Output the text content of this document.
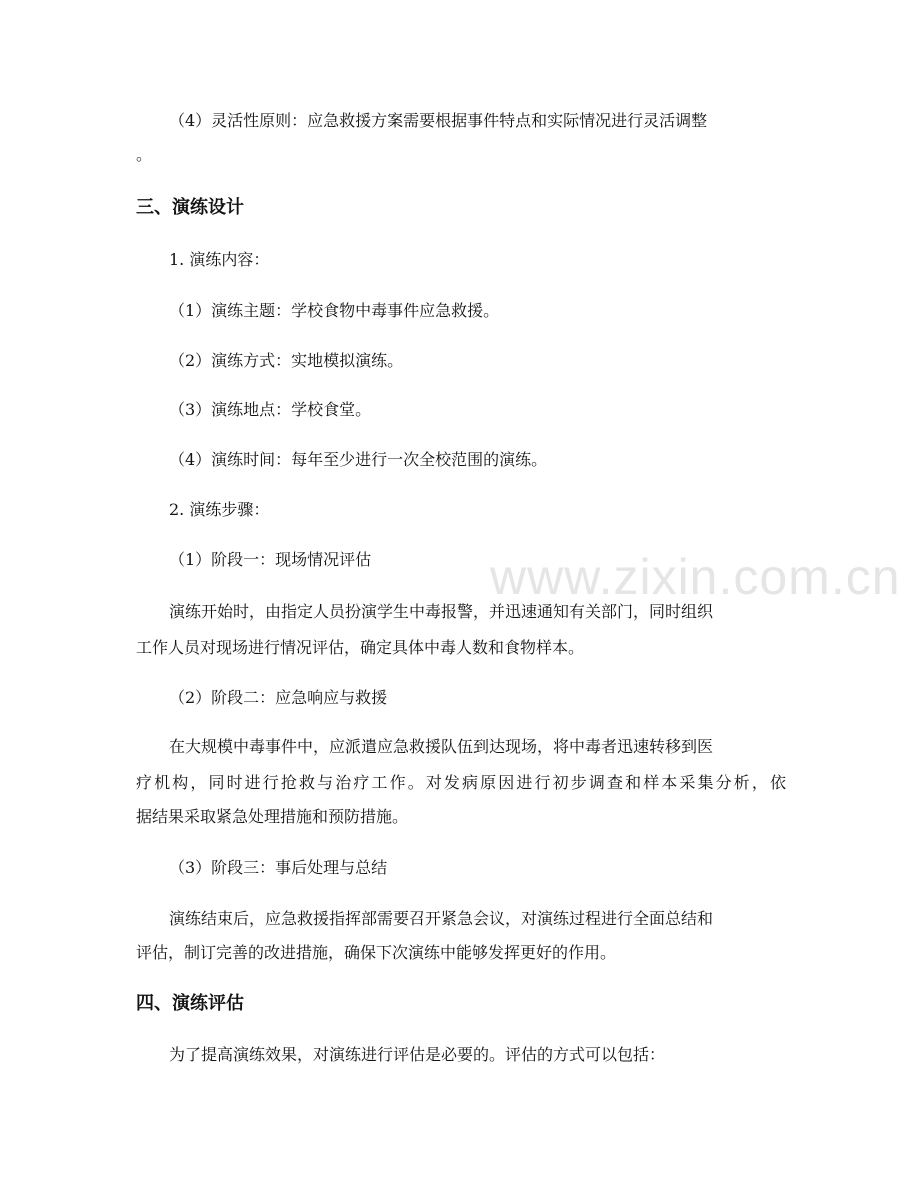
（4）灵活性原则：应急救援方案需要根据事件特点和实际情况进行灵活调整
。
三、演练设计
1. 演练内容：
（1）演练主题：学校食物中毒事件应急救援。
（2）演练方式：实地模拟演练。
（3）演练地点：学校食堂。
（4）演练时间：每年至少进行一次全校范围的演练。
2. 演练步骤：
（1）阶段一：现场情况评估
演练开始时，由指定人员扮演学生中毒报警，并迅速通知有关部门，同时组织
工作人员对现场进行情况评估，确定具体中毒人数和食物样本。
（2）阶段二：应急响应与救援
在大规模中毒事件中，应派遣应急救援队伍到达现场，将中毒者迅速转移到医
疗机构，同时进行抢救与治疗工作。对发病原因进行初步调查和样本采集分析，依
据结果采取紧急处理措施和预防措施。
（3）阶段三：事后处理与总结
演练结束后，应急救援指挥部需要召开紧急会议，对演练过程进行全面总结和
评估，制订完善的改进措施，确保下次演练中能够发挥更好的作用。
四、演练评估
为了提高演练效果，对演练进行评估是必要的。评估的方式可以包括：
www.zixin.com.cn
